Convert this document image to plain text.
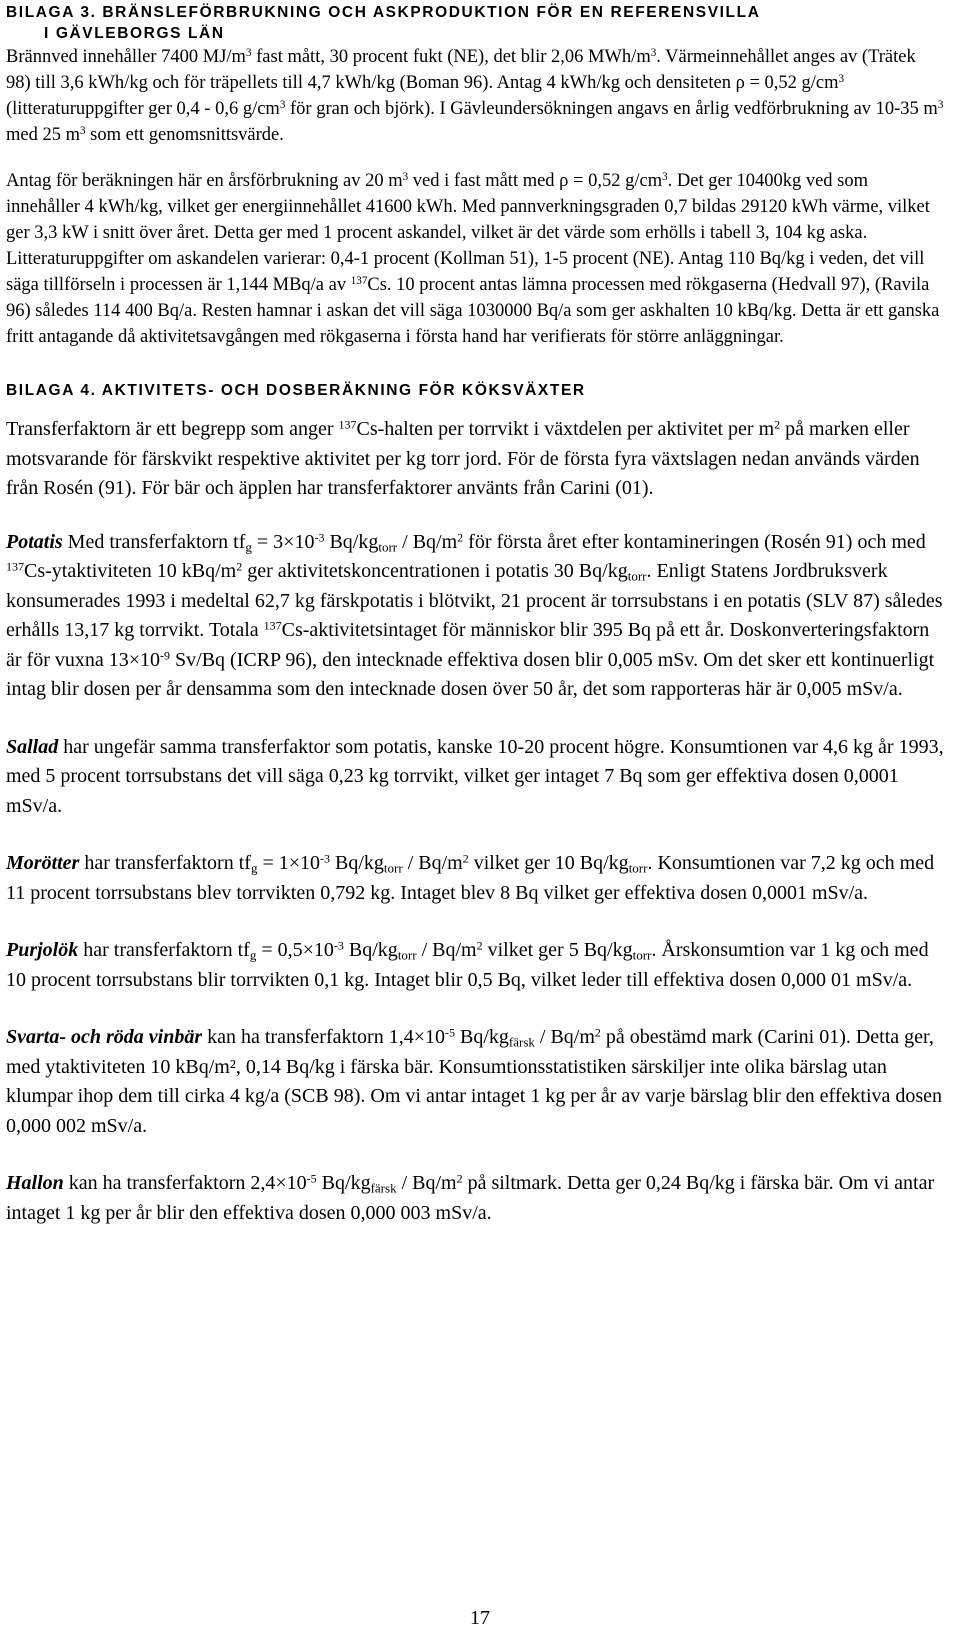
BILAGA 3. BRÄNSLEFÖRBRUKNING OCH ASKPRODUKTION FÖR EN REFERENSVILLA
I GÄVLEBORGS LÄN

Brännved innehåller 7400 $MJ/m^3$ fast mått, 30 procent fukt (NE), det blir 2,06 MWh/$m^3$. Värmeinnehållet anges av (Trätek 98) till 3,6 kWh/kg och för träpellets till 4,7 kWh/kg (Boman 96). Antag 4 kWh/kg och densiteten ρ = 0,52 $g/cm^3$ (litteraturuppgifter ger 0,4 - 0,6 $g/cm^3$ för gran och björk). I Gävleundersökningen angavs en årlig vedförbrukning av 10-35 $m^3$ med 25 $m^3$ som ett genomsnittsvärde.

Antag för beräkningen här en årsförbrukning av 20 $m^3$ ved i fast mått med ρ = 0,52 $g/cm^3$. Det ger 10400kg ved som innehåller 4 kWh/kg, vilket ger energiinnehållet 41600 kWh. Med pannverkningsgraden 0,7 bildas 29120 kWh värme, vilket ger 3,3 kW i snitt över året. Detta ger med 1 procent askandel, vilket är det värde som erhölls i tabell 3, 104 kg aska. Litteraturuppgifter om askandelen varierar: 0,4-1 procent (Kollman 51), 1-5 procent (NE). Antag 110 Bq/kg i veden, det vill säga tillförseln i processen är 1,144 MBq/a av $^{137}$Cs. 10 procent antas lämna processen med rökgaserna (Hedvall 97), (Ravila 96) således 114 400 Bq/a. Resten hamnar i askan det vill säga 1030000 Bq/a som ger askhalten 10 kBq/kg. Detta är ett ganska fritt antagande då aktivitetsavgången med rökgaserna i första hand har verifierats för större anläggningar.

BILAGA 4. AKTIVITETS- OCH DOSBERÄKNING FÖR KÖKSVÄXTER

Transferfaktorn är ett begrepp som anger $^{137}$Cs-halten per torrvikt i växtdelen per aktivitet per $m^2$ på marken eller motsvarande för färskvikt respektive aktivitet per kg torr jord. För de första fyra växtslagen nedan används värden från Rosén (91). För bär och äpplen har transferfaktorer använts från Carini (01).

Potatis Med transferfaktorn $tf_g = 3\times 10^{-3}$ $Bq/kg_{torr} / Bq/m^2$ för första året efter kontamineringen (Rosén 91) och med $^{137}$Cs-ytaktiviteten 10 kBq/$m^2$ ger aktivitetskoncentrationen i potatis 30 $Bq/kg_{torr}$. Enligt Statens Jordbruksverk konsumerades 1993 i medeltal 62,7 kg färskpotatis i blötvikt, 21 procent är torrsubstans i en potatis (SLV 87) således erhålls 13,17 kg torrvikt. Totala $^{137}$Cs-aktivitetsintaget för människor blir 395 Bq på ett år. Doskonverteringsfaktorn är för vuxna $13\times 10^{-9}$ Sv/Bq (ICRP 96), den intecknade effektiva dosen blir 0,005 mSv. Om det sker ett kontinuerligt intag blir dosen per år densamma som den intecknade dosen över 50 år, det som rapporteras här är 0,005 mSv/a.

Sallad har ungefär samma transferfaktor som potatis, kanske 10-20 procent högre. Konsumtionen var 4,6 kg år 1993, med 5 procent torrsubstans det vill säga 0,23 kg torrvikt, vilket ger intaget 7 Bq som ger effektiva dosen 0,0001 mSv/a.

Morötter har transferfaktorn $tf_g = 1\times 10^{-3}$ $Bq/kg_{torr} / Bq/m^2$ vilket ger 10 $Bq/kg_{torr}$. Konsumtionen var 7,2 kg och med 11 procent torrsubstans blev torrvikten 0,792 kg. Intaget blev 8 Bq vilket ger effektiva dosen 0,0001 mSv/a.

Purjolök har transferfaktorn $tf_g = 0,5\times 10^{-3}$ $Bq/kg_{torr} / Bq/m^2$ vilket ger 5 $Bq/kg_{torr}$. Årskonsumtion var 1 kg och med 10 procent torrsubstans blir torrvikten 0,1 kg. Intaget blir 0,5 Bq, vilket leder till effektiva dosen 0,000 01 mSv/a.

Svarta- och röda vinbär kan ha transferfaktorn $1,4\times 10^{-5}$ $Bq/kg_{färsk} / Bq/m^2$ på obestämd mark (Carini 01). Detta ger, med ytaktiviteten 10 kBq/m², 0,14 Bq/kg i färska bär. Konsumtionsstatistiken särskiljer inte olika bärslag utan klumpar ihop dem till cirka 4 kg/a (SCB 98). Om vi antar intaget 1 kg per år av varje bärslag blir den effektiva dosen 0,000 002 mSv/a.

Hallon kan ha transferfaktorn $2,4\times 10^{-5}$ $Bq/kg_{färsk} / Bq/m^2$ på siltmark. Detta ger 0,24 Bq/kg i färska bär. Om vi antar intaget 1 kg per år blir den effektiva dosen 0,000 003 mSv/a.

17
